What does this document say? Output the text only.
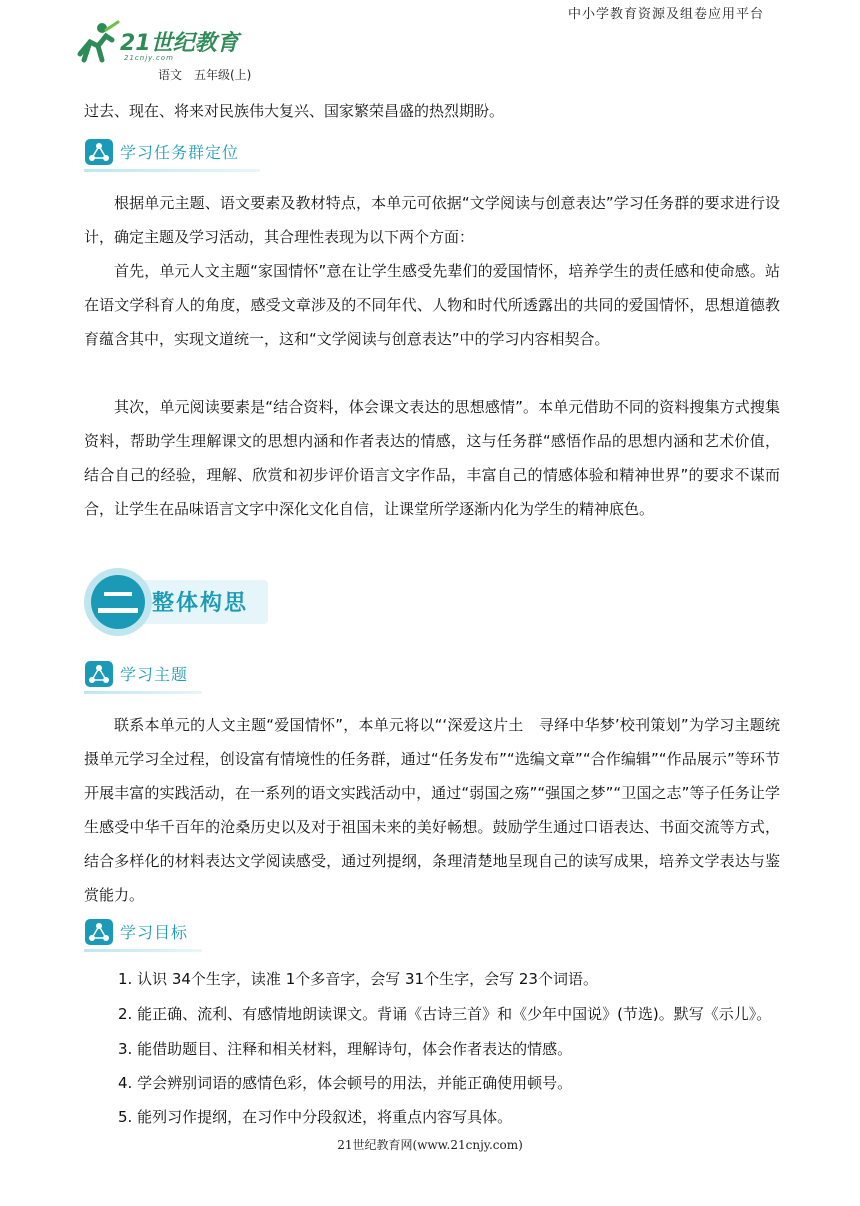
中小学教育资源及组卷应用平台
21世纪教育
21cnjy.com
语文　五年级(上)
过去、现在、将来对民族伟大复兴、国家繁荣昌盛的热烈期盼。
学习任务群定位
根据单元主题、语文要素及教材特点，本单元可依据“文学阅读与创意表达”学习任务群的要求进行设计，确定主题及学习活动，其合理性表现为以下两个方面：
首先，单元人文主题“家国情怀”意在让学生感受先辈们的爱国情怀，培养学生的责任感和使命感。站在语文学科育人的角度，感受文章涉及的不同年代、人物和时代所透露出的共同的爱国情怀，思想道德教育蕴含其中，实现文道统一，这和“文学阅读与创意表达”中的学习内容相契合。
其次，单元阅读要素是“结合资料，体会课文表达的思想感情”。本单元借助不同的资料搜集方式搜集资料，帮助学生理解课文的思想内涵和作者表达的情感，这与任务群“感悟作品的思想内涵和艺术价值，结合自己的经验，理解、欣赏和初步评价语言文字作品，丰富自己的情感体验和精神世界”的要求不谋而合，让学生在品味语言文字中深化文化自信，让课堂所学逐渐内化为学生的精神底色。
整体构思
学习主题
联系本单元的人文主题“爱国情怀”，本单元将以“‘深爱这片土　寻绎中华梦’校刊策划”为学习主题统摄单元学习全过程，创设富有情境性的任务群，通过“任务发布”“选编文章”“合作编辑”“作品展示”等环节开展丰富的实践活动，在一系列的语文实践活动中，通过“弱国之殇”“强国之梦”“卫国之志”等子任务让学生感受中华千百年的沧桑历史以及对于祖国未来的美好畅想。鼓励学生通过口语表达、书面交流等方式，结合多样化的材料表达文学阅读感受，通过列提纲，条理清楚地呈现自己的读写成果，培养文学表达与鉴赏能力。
学习目标
1. 认识 34个生字，读准 1个多音字，会写 31个生字，会写 23个词语。
2. 能正确、流利、有感情地朗读课文。背诵《古诗三首》和《少年中国说》(节选)。默写《示儿》。
3. 能借助题目、注释和相关材料，理解诗句，体会作者表达的情感。
4. 学会辨别词语的感情色彩，体会顿号的用法，并能正确使用顿号。
5. 能列习作提纲，在习作中分段叙述，将重点内容写具体。
21世纪教育网(www.21cnjy.com)
